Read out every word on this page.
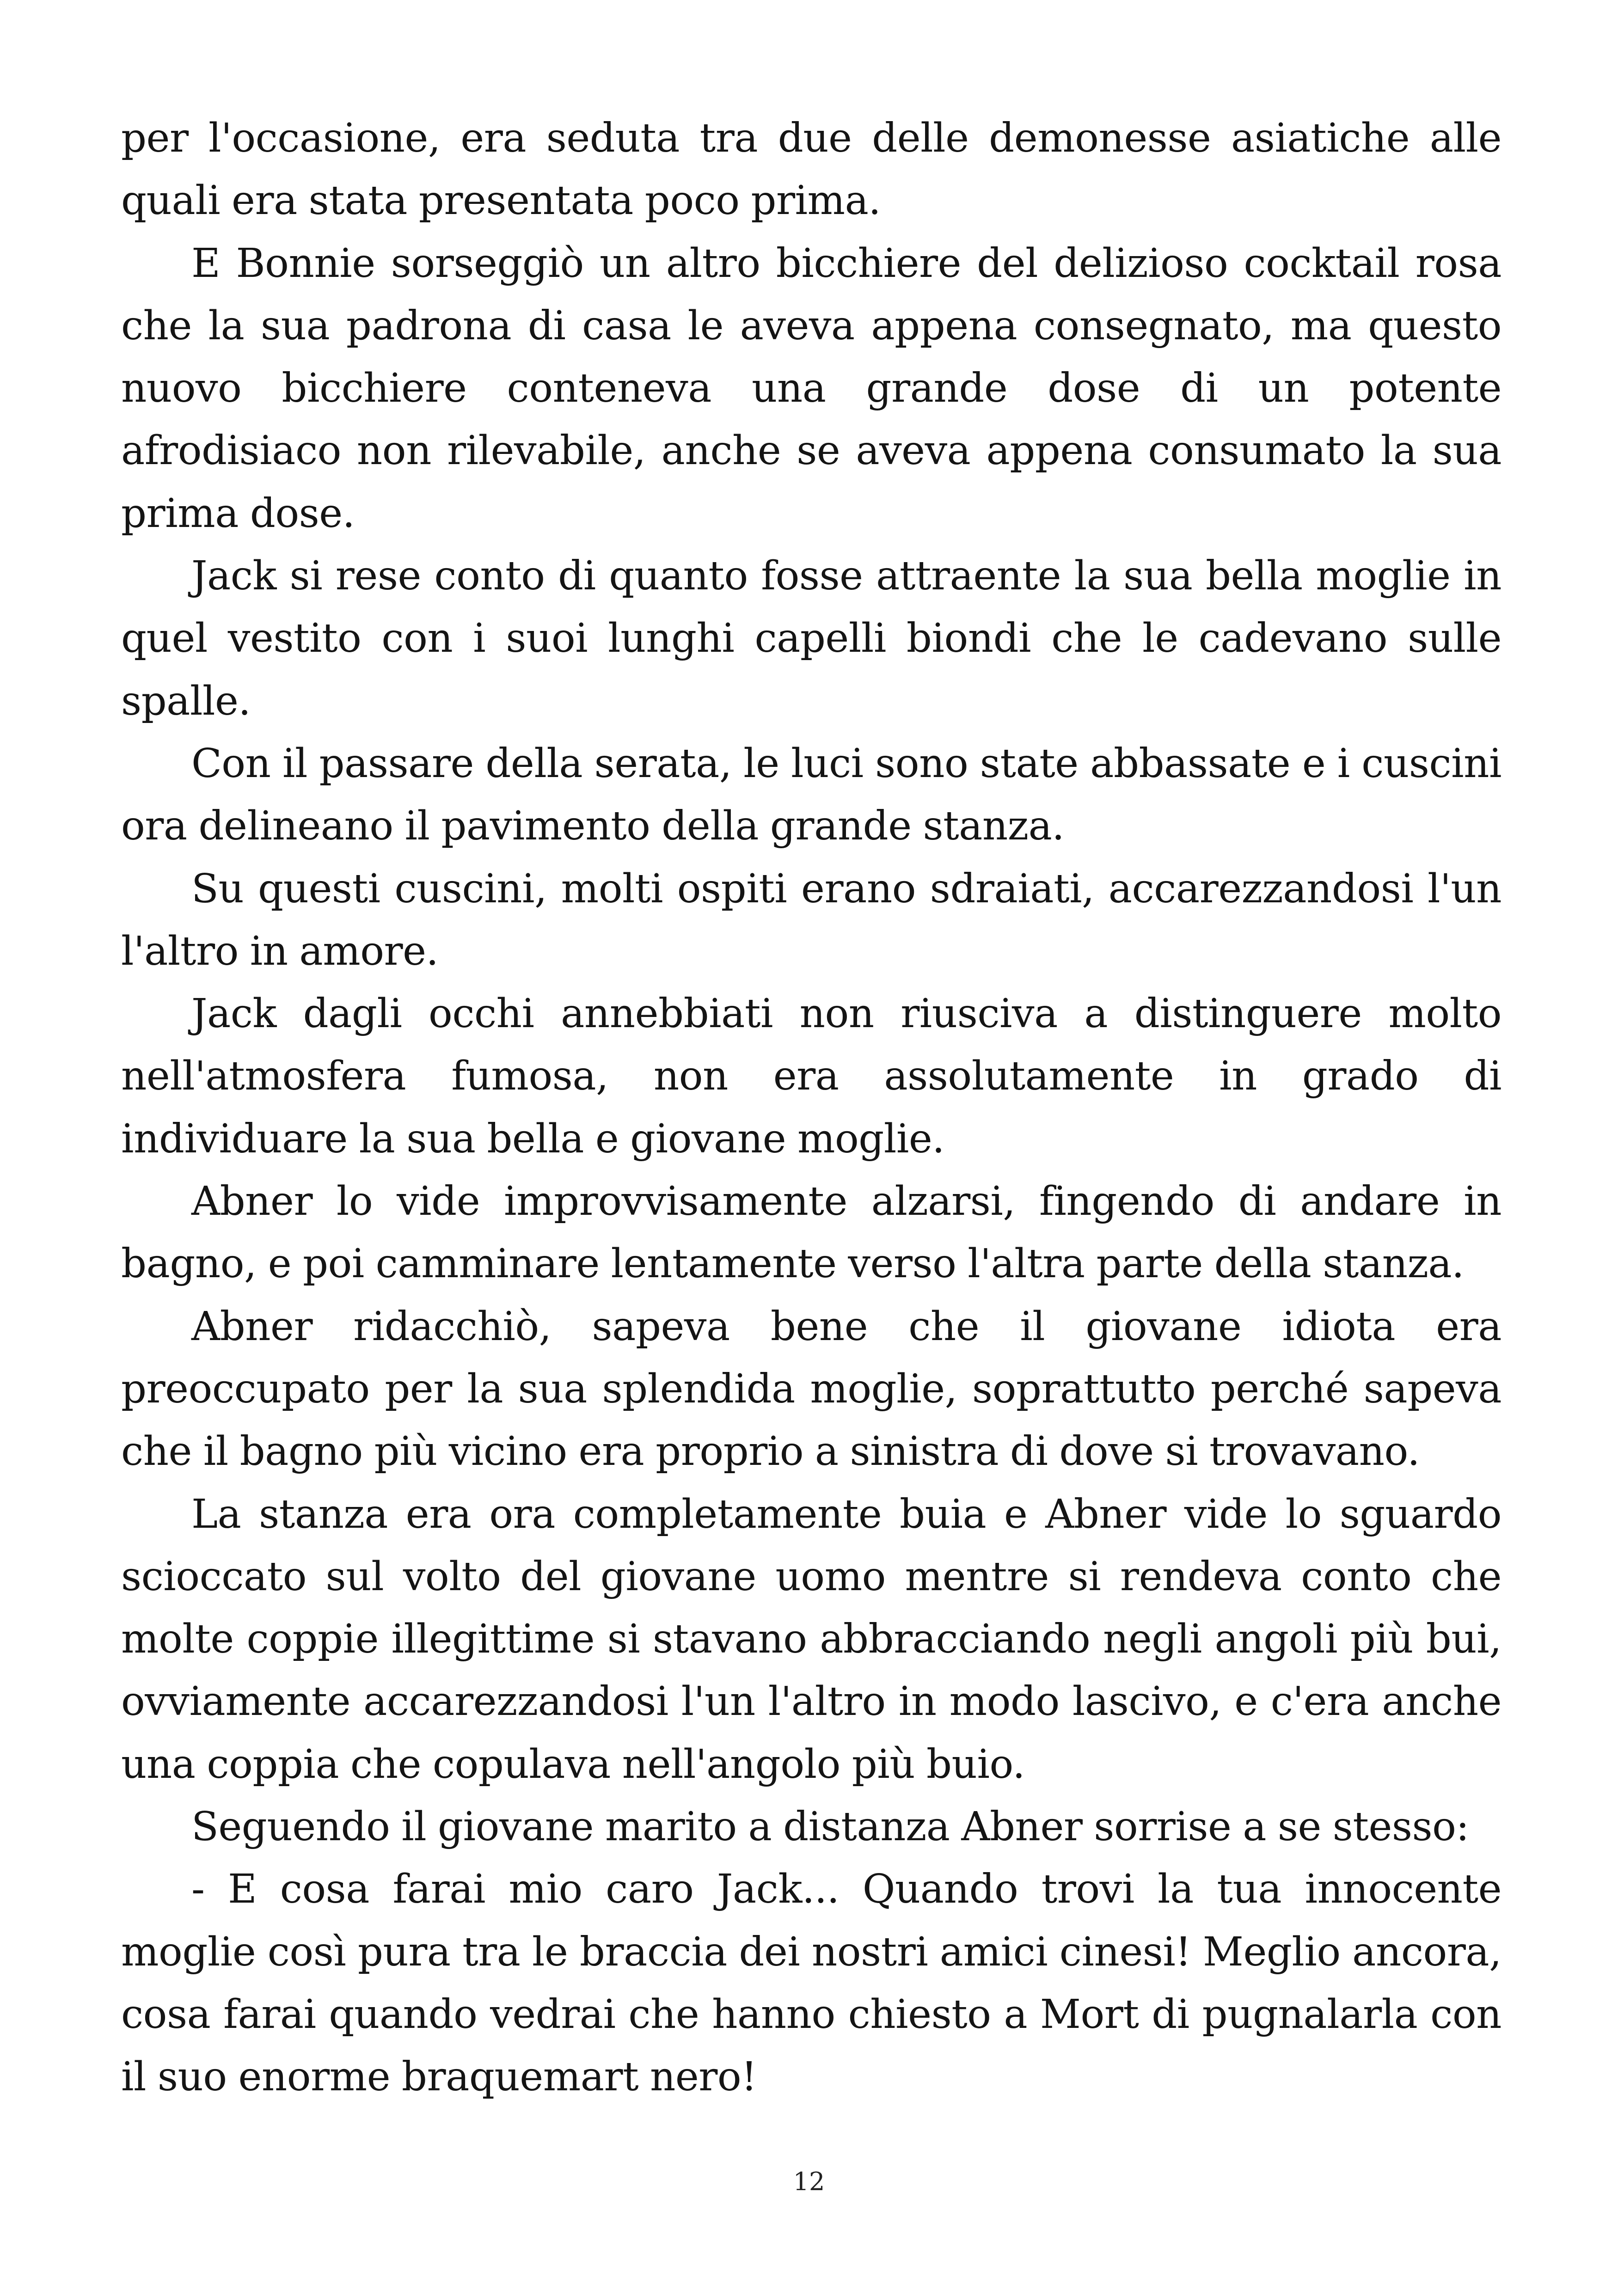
per l'occasione, era seduta tra due delle demonesse asiatiche alle quali era stata presentata poco prima.

E Bonnie sorseggiò un altro bicchiere del delizioso cocktail rosa che la sua padrona di casa le aveva appena consegnato, ma questo nuovo bicchiere conteneva una grande dose di un potente afrodisiaco non rilevabile, anche se aveva appena consumato la sua prima dose.

Jack si rese conto di quanto fosse attraente la sua bella moglie in quel vestito con i suoi lunghi capelli biondi che le cadevano sulle spalle.

Con il passare della serata, le luci sono state abbassate e i cuscini ora delineano il pavimento della grande stanza.

Su questi cuscini, molti ospiti erano sdraiati, accarezzandosi l'un l'altro in amore.

Jack dagli occhi annebbiati non riusciva a distinguere molto nell'atmosfera fumosa, non era assolutamente in grado di individuare la sua bella e giovane moglie.

Abner lo vide improvvisamente alzarsi, fingendo di andare in bagno, e poi camminare lentamente verso l'altra parte della stanza.

Abner ridacchiò, sapeva bene che il giovane idiota era preoccupato per la sua splendida moglie, soprattutto perché sapeva che il bagno più vicino era proprio a sinistra di dove si trovavano.

La stanza era ora completamente buia e Abner vide lo sguardo scioccato sul volto del giovane uomo mentre si rendeva conto che molte coppie illegittime si stavano abbracciando negli angoli più bui, ovviamente accarezzandosi l'un l'altro in modo lascivo, e c'era anche una coppia che copulava nell'angolo più buio.

Seguendo il giovane marito a distanza Abner sorrise a se stesso:

- E cosa farai mio caro Jack... Quando trovi la tua innocente moglie così pura tra le braccia dei nostri amici cinesi! Meglio ancora, cosa farai quando vedrai che hanno chiesto a Mort di pugnalarla con il suo enorme braquemart nero!

12
